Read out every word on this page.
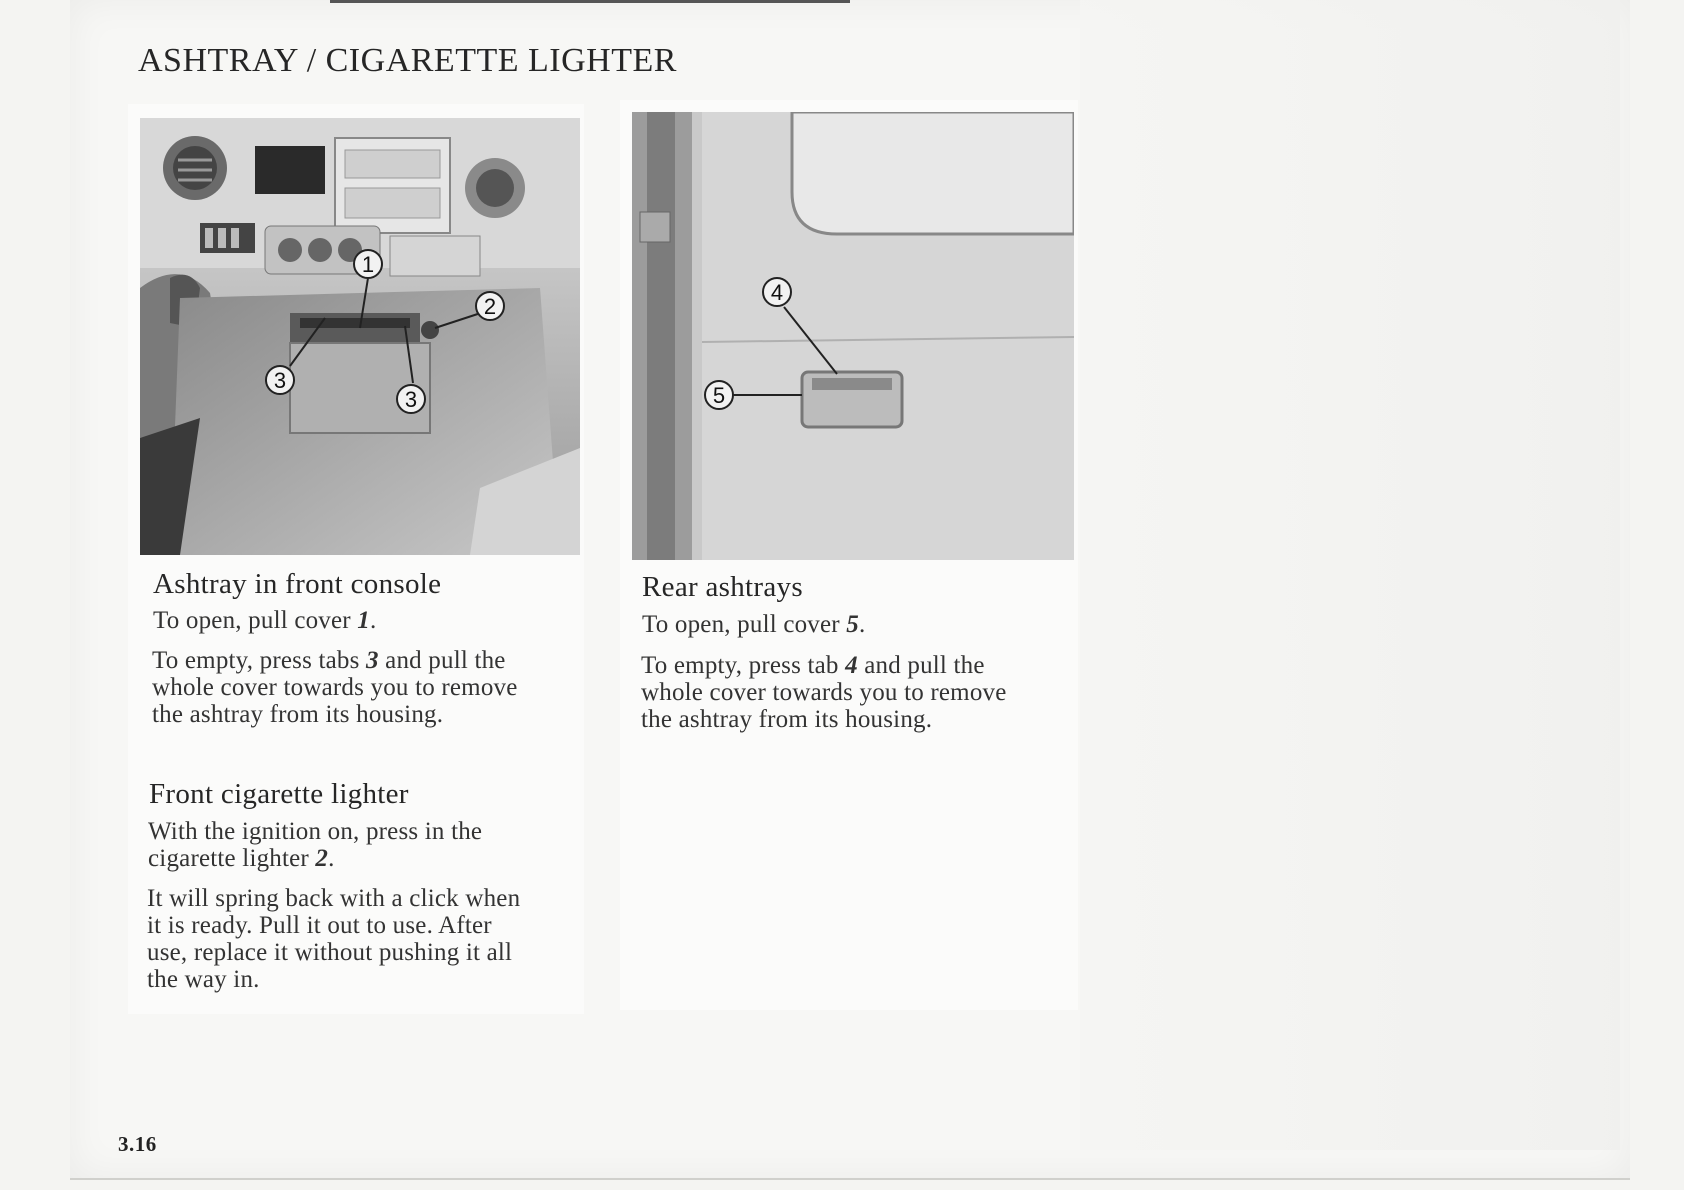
ASHTRAY / CIGARETTE LIGHTER
1
2
3
3
4
5
Ashtray in front console

To open, pull cover 1.

To empty, press tabs 3 and pull the
whole cover towards you to remove
the ashtray from its housing.

Front cigarette lighter

With the ignition on, press in the
cigarette lighter 2.

It will spring back with a click when
it is ready. Pull it out to use. After
use, replace it without pushing it all
the way in.

Rear ashtrays

To open, pull cover 5.

To empty, press tab 4 and pull the
whole cover towards you to remove
the ashtray from its housing.

3.16
